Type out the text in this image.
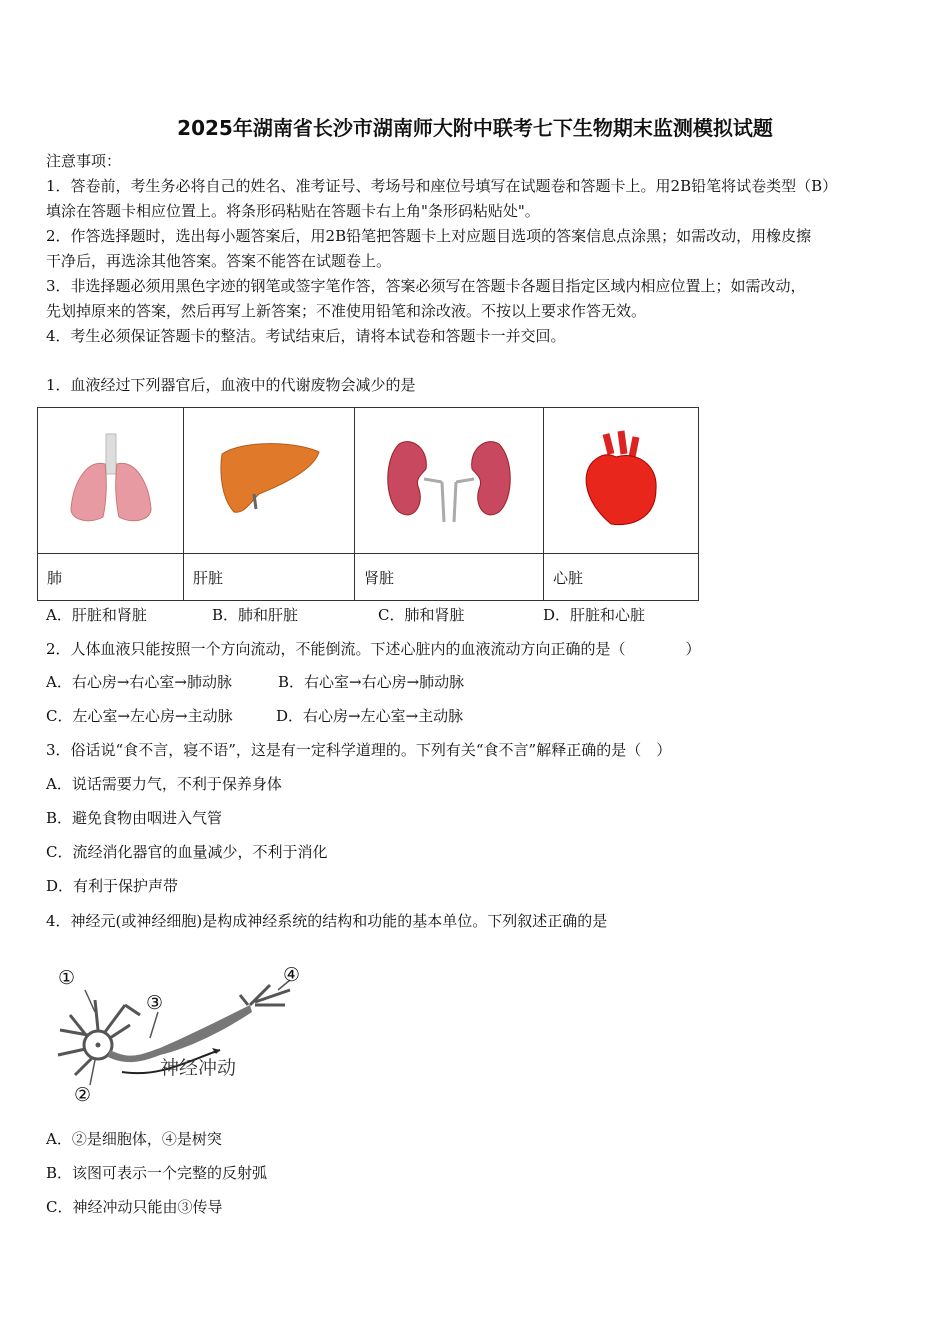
2025年湖南省长沙市湖南师大附中联考七下生物期末监测模拟试题
注意事项：
1．答卷前，考生务必将自己的姓名、准考证号、考场号和座位号填写在试题卷和答题卡上。用2B铅笔将试卷类型（B）
填涂在答题卡相应位置上。将条形码粘贴在答题卡右上角"条形码粘贴处"。
2．作答选择题时，选出每小题答案后，用2B铅笔把答题卡上对应题目选项的答案信息点涂黑；如需改动，用橡皮擦
干净后，再选涂其他答案。答案不能答在试题卷上。
3．非选择题必须用黑色字迹的钢笔或签字笔作答，答案必须写在答题卡各题目指定区域内相应位置上；如需改动，
先划掉原来的答案，然后再写上新答案；不准使用铅笔和涂改液。不按以上要求作答无效。
4．考生必须保证答题卡的整洁。考试结束后，请将本试卷和答题卡一并交回。
1．血液经过下列器官后，血液中的代谢废物会减少的是

肺	肝脏	肾脏	心脏
A．肝脏和肾脏	B．肺和肝脏	C．肺和肾脏	D．肝脏和心脏
2．人体血液只能按照一个方向流动，不能倒流。下述心脏内的血液流动方向正确的是（　　　　）
A．右心房→右心室→肺动脉	B．右心室→右心房→肺动脉
C．左心室→左心房→主动脉	D．右心房→左心室→主动脉
3．俗话说“食不言，寝不语”，这是有一定科学道理的。下列有关“食不言”解释正确的是（　）
A．说话需要力气，不利于保养身体
B．避免食物由咽进入气管
C．流经消化器官的血量减少，不利于消化
D．有利于保护声带
4．神经元(或神经细胞)是构成神经系统的结构和功能的基本单位。下列叙述正确的是
①
②
③
④
神经冲动
A．②是细胞体，④是树突
B．该图可表示一个完整的反射弧
C．神经冲动只能由③传导
